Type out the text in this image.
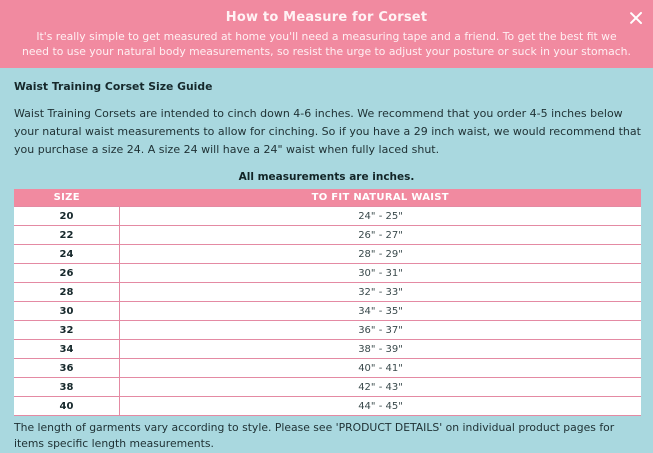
How to Measure for Corset
It's really simple to get measured at home you'll need a measuring tape and a friend. To get the best fit we need to use your natural body measurements, so resist the urge to adjust your posture or suck in your stomach.
Waist Training Corset Size Guide
Waist Training Corsets are intended to cinch down 4-6 inches. We recommend that you order 4-5 inches below your natural waist measurements to allow for cinching. So if you have a 29 inch waist, we would recommend that you purchase a size 24. A size 24 will have a 24" waist when fully laced shut.
All measurements are inches.
SIZE	TO FIT NATURAL WAIST
20	24" - 25"
22	26" - 27"
24	28" - 29"
26	30" - 31"
28	32" - 33"
30	34" - 35"
32	36" - 37"
34	38" - 39"
36	40" - 41"
38	42" - 43"
40	44" - 45"
The length of garments vary according to style. Please see 'PRODUCT DETAILS' on individual product pages for items specific length measurements.
